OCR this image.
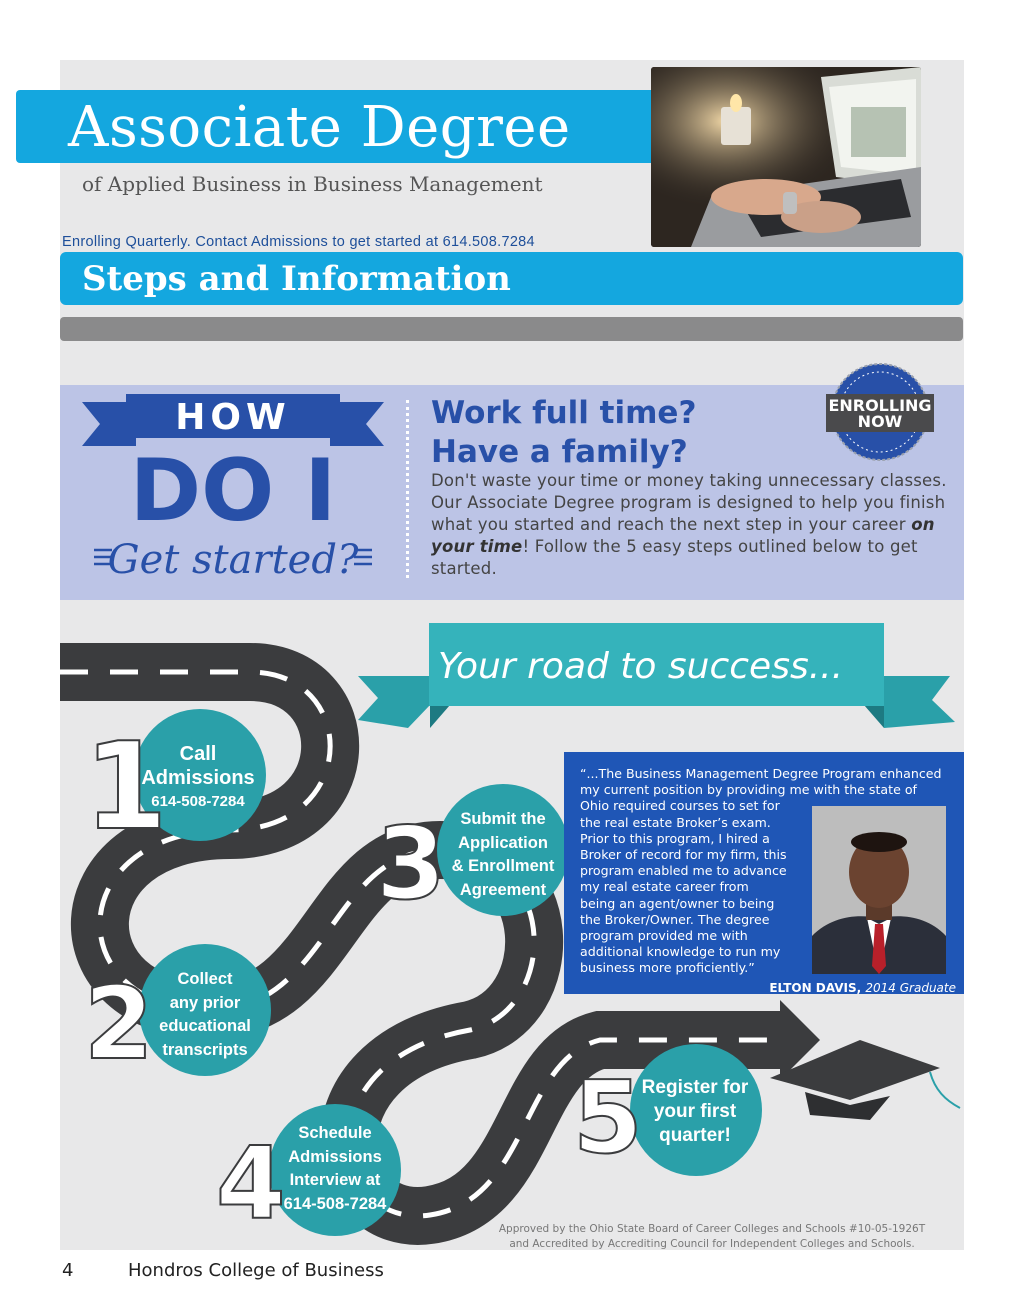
Associate Degree
of Applied Business in Business Management
Enrolling Quarterly. Contact Admissions to get started at 614.508.7284
Steps and Information
HOW
DO I
Get started?
Work full time?
Have a family?
Don't waste your time or money taking unnecessary classes. Our Associate Degree program is designed to help you finish what you started and reach the next step in your career on your time! Follow the 5 easy steps outlined below to get started.
ENROLLING
NOW
1
2
3
4
5
Your road to success...
Call
Admissions
614-508-7284
Collect
any prior
educational
transcripts
Submit the
Application
& Enrollment
Agreement
Schedule
Admissions
Interview at
614-508-7284
Register for
your first
quarter!
“...The Business Management Degree Program enhanced
my current position by providing me with the state of
Ohio required courses to set for
the real estate Broker’s exam.
Prior to this program, I hired a
Broker of record for my firm, this
program enabled me to advance
my real estate career from
being an agent/owner to being
the Broker/Owner. The degree
program provided me with
additional knowledge to run my
business more proficiently.”
ELTON DAVIS, 2014 Graduate
Approved by the Ohio State Board of Career Colleges and Schools #10-05-1926T
and Accredited by Accrediting Council for Independent Colleges and Schools.
4	Hondros College of Business
